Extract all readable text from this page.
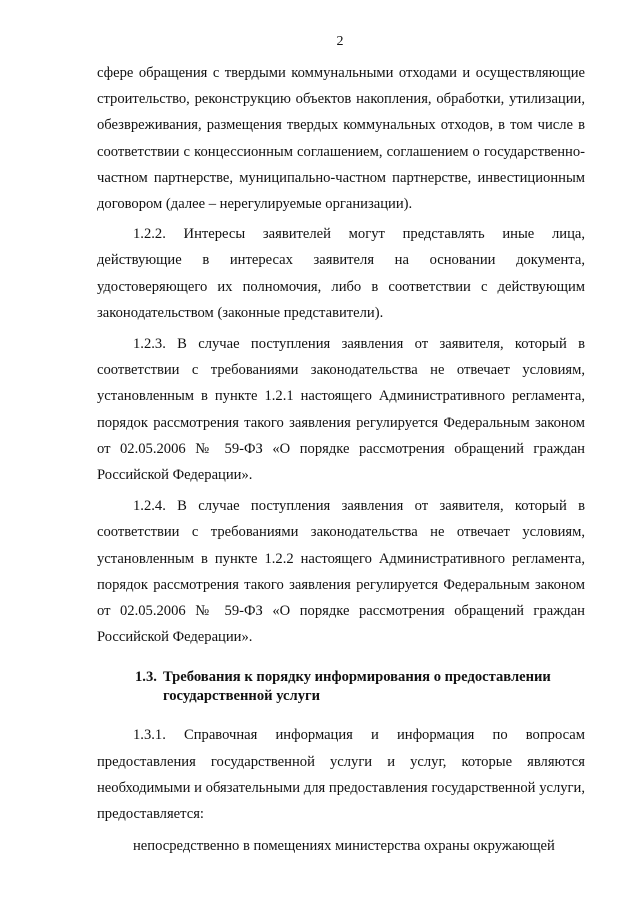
2

сфере обращения с твердыми коммунальными отходами и осуществляющие строительство, реконструкцию объектов накопления, обработки, утилизации, обезвреживания, размещения твердых коммунальных отходов, в том числе в соответствии с концессионным соглашением, соглашением о государственно-частном партнерстве, муниципально-частном партнерстве, инвестиционным договором (далее – нерегулируемые организации).

1.2.2. Интересы заявителей могут представлять иные лица, действующие в интересах заявителя на основании документа, удостоверяющего их полномочия, либо в соответствии с действующим законодательством (законные представители).

1.2.3. В случае поступления заявления от заявителя, который в соответствии с требованиями законодательства не отвечает условиям, установленным в пункте 1.2.1 настоящего Административного регламента, порядок рассмотрения такого заявления регулируется Федеральным законом от 02.05.2006 № 59-ФЗ «О порядке рассмотрения обращений граждан Российской Федерации».

1.2.4. В случае поступления заявления от заявителя, который в соответствии с требованиями законодательства не отвечает условиям, установленным в пункте 1.2.2 настоящего Административного регламента, порядок рассмотрения такого заявления регулируется Федеральным законом от 02.05.2006 № 59-ФЗ «О порядке рассмотрения обращений граждан Российской Федерации».

1.3. Требования к порядку информирования о предоставлении
государственной услуги

1.3.1. Справочная информация и информация по вопросам предоставления государственной услуги и услуг, которые являются необходимыми и обязательными для предоставления государственной услуги, предоставляется:

непосредственно в помещениях министерства охраны окружающей
